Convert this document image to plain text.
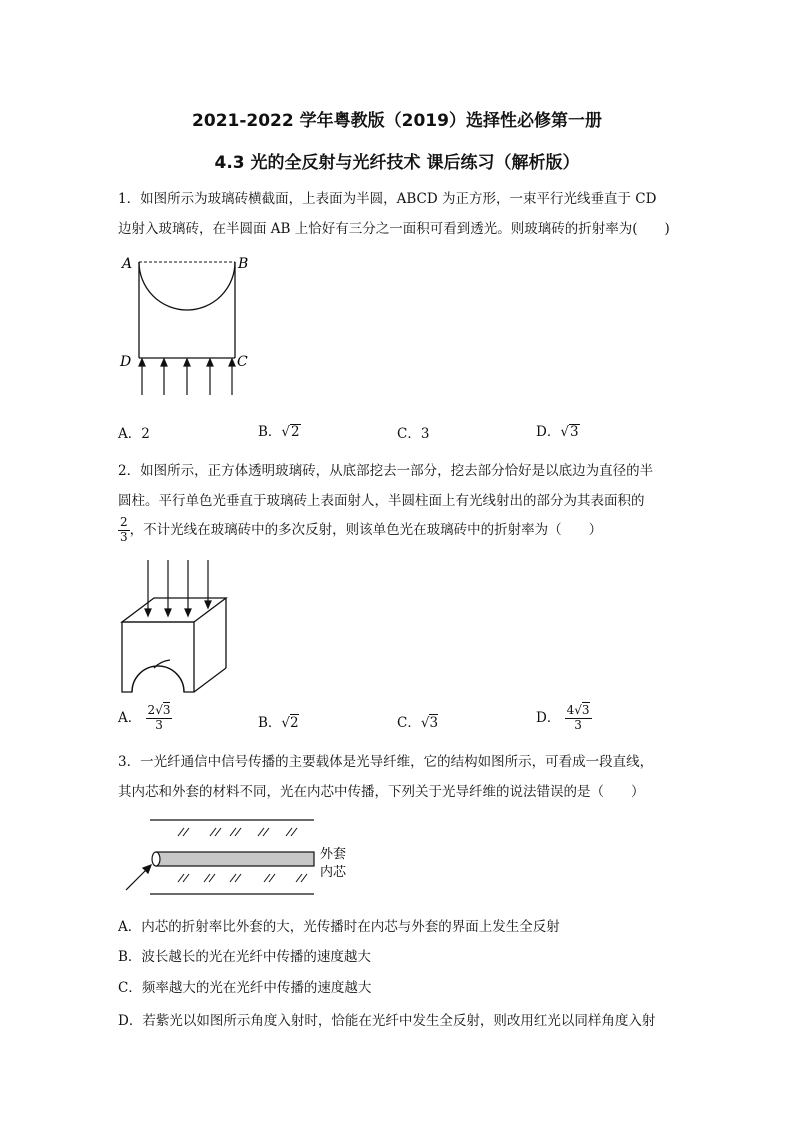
2021-2022 学年粤教版（2019）选择性必修第一册
4.3 光的全反射与光纤技术 课后练习（解析版）
1．如图所示为玻璃砖横截面，上表面为半圆，ABCD 为正方形，一束平行光线垂直于 CD
边射入玻璃砖，在半圆面 AB 上恰好有三分之一面积可看到透光。则玻璃砖的折射率为(　　)
A	B
D	C
A．2	B．√2	C．3	D．√3
2．如图所示，正方体透明玻璃砖，从底部挖去一部分，挖去部分恰好是以底边为直径的半
圆柱。平行单色光垂直于玻璃砖上表面射人，半圆柱面上有光线射出的部分为其表面积的
$\frac{2}{3}$ ，不计光线在玻璃砖中的多次反射，则该单色光在玻璃砖中的折射率为（　　）
A． $\frac{2√3}{3}$	B．√2	C．√3	D． $\frac{4√3}{3}$
3．一光纤通信中信号传播的主要载体是光导纤维，它的结构如图所示，可看成一段直线，
其内芯和外套的材料不同，光在内芯中传播，下列关于光导纤维的说法错误的是（　　）
外套
内芯
A．内芯的折射率比外套的大，光传播时在内芯与外套的界面上发生全反射
B．波长越长的光在光纤中传播的速度越大
C．频率越大的光在光纤中传播的速度越大
D．若紫光以如图所示角度入射时，恰能在光纤中发生全反射，则改用红光以同样角度入射
